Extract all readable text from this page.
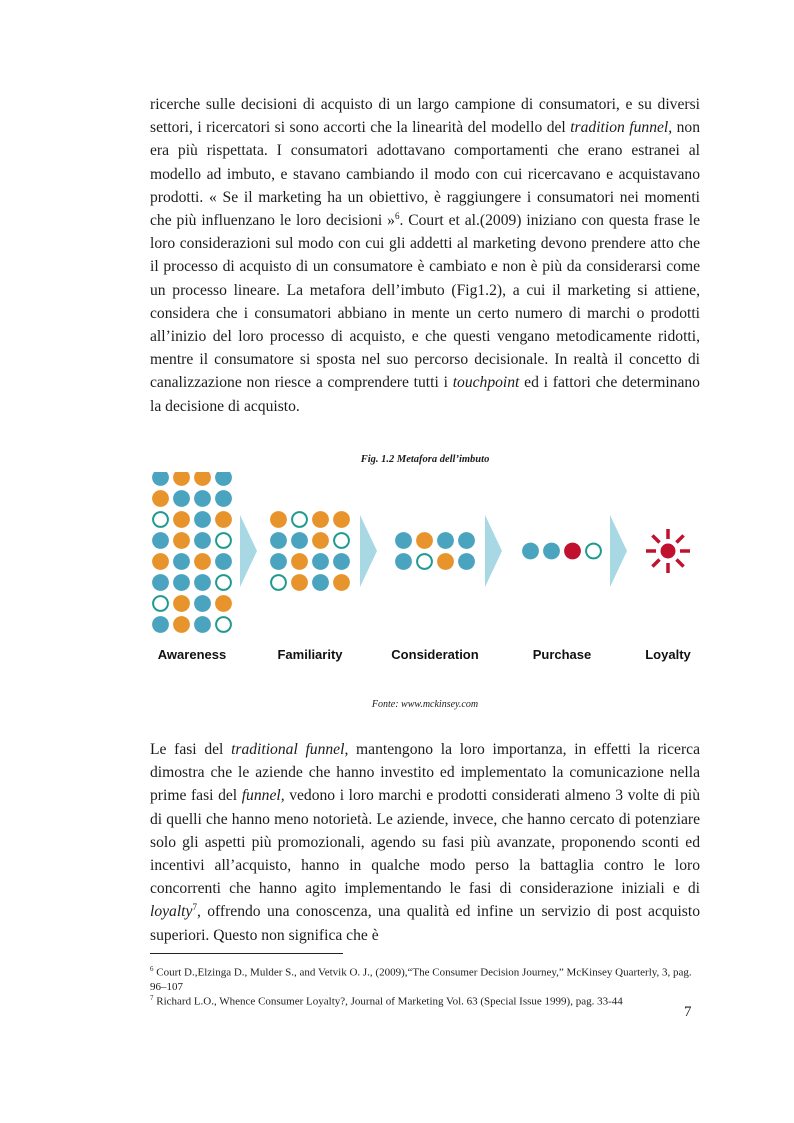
ricerche sulle decisioni di acquisto di un largo campione di consumatori, e su diversi settori, i ricercatori si sono accorti che la linearità del modello del tradition funnel, non era più rispettata. I consumatori adottavano comportamenti che erano estranei al modello ad imbuto, e stavano cambiando il modo con cui ricercavano e acquistavano prodotti. « Se il marketing ha un obiettivo, è raggiungere i consumatori nei momenti che più influenzano le loro decisioni »$^6$. Court et al.(2009) iniziano con questa frase le loro considerazioni sul modo con cui gli addetti al marketing devono prendere atto che il processo di acquisto di un consumatore è cambiato e non è più da considerarsi come un processo lineare. La metafora dell’imbuto (Fig1.2), a cui il marketing si attiene, considera che i consumatori abbiano in mente un certo numero di marchi o prodotti all’inizio del loro processo di acquisto, e che questi vengano metodicamente ridotti, mentre il consumatore si sposta nel suo percorso decisionale. In realtà il concetto di canalizzazione non riesce a comprendere tutti i touchpoint ed i fattori che determinano la decisione di acquisto.

Fig. 1.2 Metafora dell’imbuto
Awareness	Familiarity	Consideration	Purchase	Loyalty
Fonte: www.mckinsey.com

Le fasi del traditional funnel, mantengono la loro importanza, in effetti la ricerca dimostra che le aziende che hanno investito ed implementato la comunicazione nella prime fasi del funnel, vedono i loro marchi e prodotti considerati almeno 3 volte di più di quelli che hanno meno notorietà. Le aziende, invece, che hanno cercato di potenziare solo gli aspetti più promozionali, agendo su fasi più avanzate, proponendo sconti ed incentivi all’acquisto, hanno in qualche modo perso la battaglia contro le loro concorrenti che hanno agito implementando le fasi di considerazione iniziali e di loyalty$^7$, offrendo una conoscenza, una qualità ed infine un servizio di post acquisto superiori. Questo non significa che è

$^6$ Court D.,Elzinga D., Mulder S., and Vetvik O. J., (2009),“The Consumer Decision Journey,” McKinsey Quarterly, 3, pag. 96–107

$^7$ Richard L.O., Whence Consumer Loyalty?, Journal of Marketing Vol. 63 (Special Issue 1999), pag. 33-44

7
